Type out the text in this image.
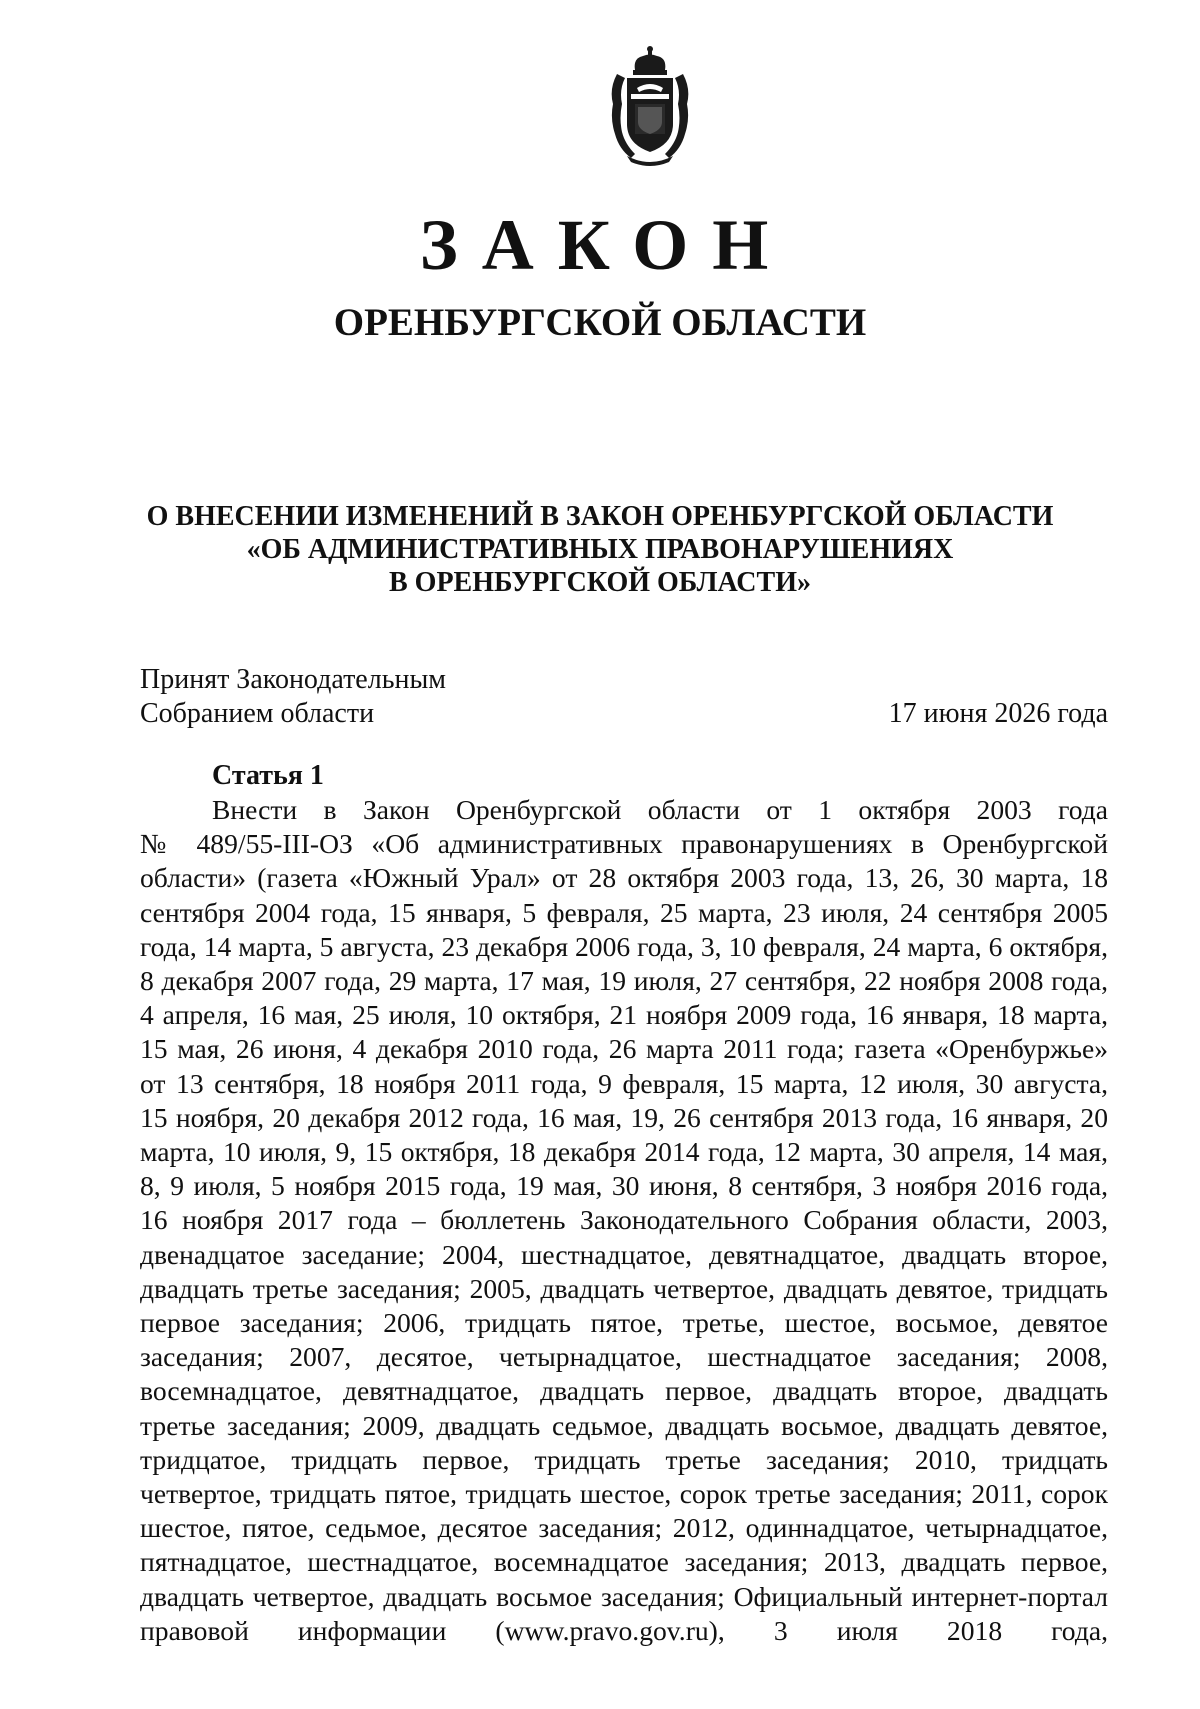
ЗАКОН
ОРЕНБУРГСКОЙ ОБЛАСТИ
О ВНЕСЕНИИ ИЗМЕНЕНИЙ В ЗАКОН ОРЕНБУРГСКОЙ ОБЛАСТИ
«ОБ АДМИНИСТРАТИВНЫХ ПРАВОНАРУШЕНИЯХ
В ОРЕНБУРГСКОЙ ОБЛАСТИ»
Принят Законодательным
Собранием области	17 июня 2026 года
Статья 1
Внести в Закон Оренбургской области от 1 октября 2003 года
№ 489/55-III-ОЗ «Об административных правонарушениях в Оренбургской
области» (газета «Южный Урал» от 28 октября 2003 года, 13, 26, 30 марта, 18
сентября 2004 года, 15 января, 5 февраля, 25 марта, 23 июля, 24 сентября 2005
года, 14 марта, 5 августа, 23 декабря 2006 года, 3, 10 февраля, 24 марта, 6 октября,
8 декабря 2007 года, 29 марта, 17 мая, 19 июля, 27 сентября, 22 ноября 2008 года,
4 апреля, 16 мая, 25 июля, 10 октября, 21 ноября 2009 года, 16 января, 18 марта,
15 мая, 26 июня, 4 декабря 2010 года, 26 марта 2011 года; газета «Оренбуржье»
от 13 сентября, 18 ноября 2011 года, 9 февраля, 15 марта, 12 июля, 30 августа,
15 ноября, 20 декабря 2012 года, 16 мая, 19, 26 сентября 2013 года, 16 января, 20
марта, 10 июля, 9, 15 октября, 18 декабря 2014 года, 12 марта, 30 апреля, 14 мая,
8, 9 июля, 5 ноября 2015 года, 19 мая, 30 июня, 8 сентября, 3 ноября 2016 года,
16 ноября 2017 года – бюллетень Законодательного Собрания области, 2003,
двенадцатое заседание; 2004, шестнадцатое, девятнадцатое, двадцать второе,
двадцать третье заседания; 2005, двадцать четвертое, двадцать девятое, тридцать
первое заседания; 2006, тридцать пятое, третье, шестое, восьмое, девятое
заседания; 2007, десятое, четырнадцатое, шестнадцатое заседания; 2008,
восемнадцатое, девятнадцатое, двадцать первое, двадцать второе, двадцать
третье заседания; 2009, двадцать седьмое, двадцать восьмое, двадцать девятое,
тридцатое, тридцать первое, тридцать третье заседания; 2010, тридцать
четвертое, тридцать пятое, тридцать шестое, сорок третье заседания; 2011, сорок
шестое, пятое, седьмое, десятое заседания; 2012, одиннадцатое, четырнадцатое,
пятнадцатое, шестнадцатое, восемнадцатое заседания; 2013, двадцать первое,
двадцать четвертое, двадцать восьмое заседания; Официальный интернет-портал
правовой информации (www.pravo.gov.ru), 3 июля 2018 года,
